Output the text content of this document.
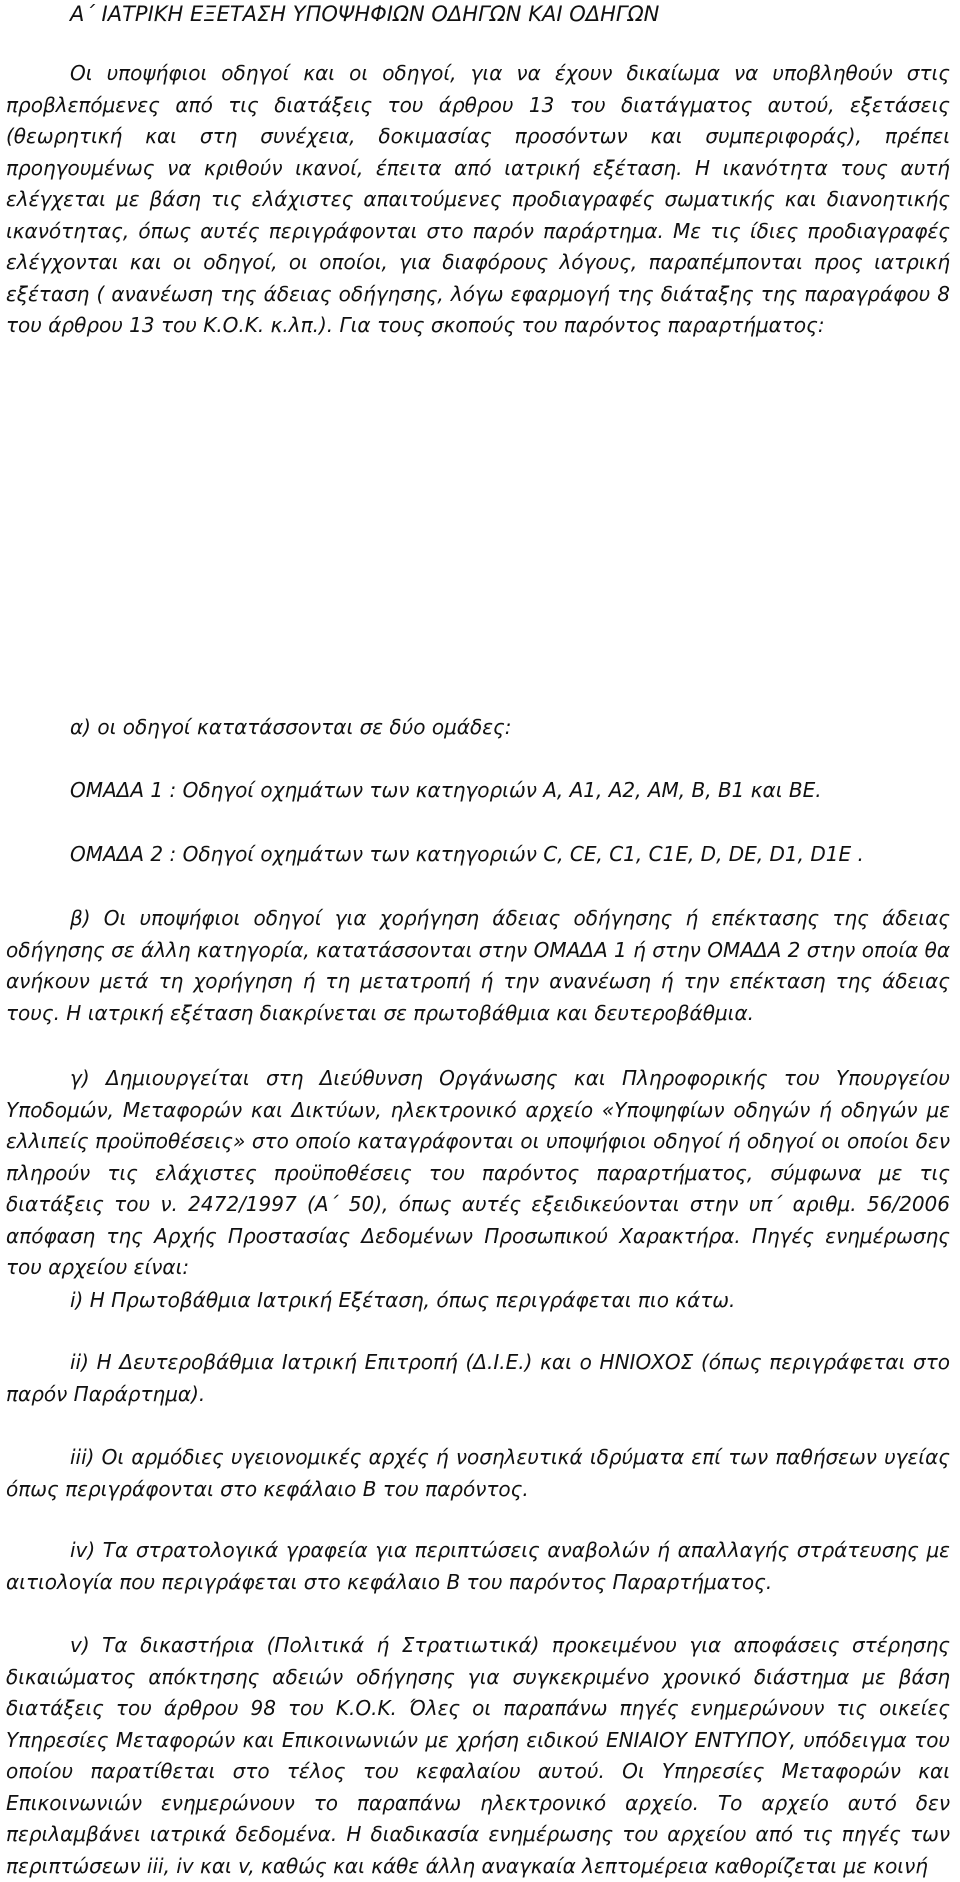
Α΄ ΙΑΤΡΙΚΗ ΕΞΕΤΑΣΗ ΥΠΟΨΗΦΙΩΝ ΟΔΗΓΩΝ ΚΑΙ ΟΔΗΓΩΝ
Οι υποψήφιοι οδηγοί και οι οδηγοί, για να έχουν δικαίωμα να υποβληθούν στις προβλεπόμενες από τις διατάξεις του άρθρου 13 του διατάγματος αυτού, εξετάσεις (θεωρητική και στη συνέχεια, δοκιμασίας προσόντων και συμπεριφοράς), πρέπει προηγουμένως να κριθούν ικανοί, έπειτα από ιατρική εξέταση. Η ικανότητα τους αυτή ελέγχεται με βάση τις ελάχιστες απαιτούμενες προδιαγραφές σωματικής και διανοητικής ικανότητας, όπως αυτές περιγράφονται στο παρόν παράρτημα. Με τις ίδιες προδιαγραφές ελέγχονται και οι οδηγοί, οι οποίοι, για διαφόρους λόγους, παραπέμπονται προς ιατρική εξέταση ( ανανέωση της άδειας οδήγησης, λόγω εφαρμογή της διάταξης της παραγράφου 8 του άρθρου 13 του Κ.Ο.Κ. κ.λπ.). Για τους σκοπούς του παρόντος παραρτήματος:
α) οι οδηγοί κατατάσσονται σε δύο ομάδες:
ΟΜΑΔΑ 1 : Οδηγοί οχημάτων των κατηγοριών Α, Α1, Α2, ΑΜ, Β, Β1 και ΒΕ.
ΟΜΑΔΑ 2 : Οδηγοί οχημάτων των κατηγοριών C, CE, C1, C1E, D, DE, D1, D1E .
β) Οι υποψήφιοι οδηγοί για χορήγηση άδειας οδήγησης ή επέκτασης της άδειας οδήγησης σε άλλη κατηγορία, κατατάσσονται στην ΟΜΑΔΑ 1 ή στην ΟΜΑΔΑ 2 στην οποία θα ανήκουν μετά τη χορήγηση ή τη μετατροπή ή την ανανέωση ή την επέκταση της άδειας τους. Η ιατρική εξέταση διακρίνεται σε πρωτοβάθμια και δευτεροβάθμια.
γ) Δημιουργείται στη Διεύθυνση Οργάνωσης και Πληροφορικής του Υπουργείου Υποδομών, Μεταφορών και Δικτύων, ηλεκτρονικό αρχείο «Υποψηφίων οδηγών ή οδηγών με ελλιπείς προϋποθέσεις» στο οποίο καταγράφονται οι υποψήφιοι οδηγοί ή οδηγοί οι οποίοι δεν πληρούν τις ελάχιστες προϋποθέσεις του παρόντος παραρτήματος, σύμφωνα με τις διατάξεις του ν. 2472/1997 (Α΄ 50), όπως αυτές εξειδικεύονται στην υπ΄ αριθμ. 56/2006 απόφαση της Αρχής Προστασίας Δεδομένων Προσωπικού Χαρακτήρα. Πηγές ενημέρωσης του αρχείου είναι:
i) Η Πρωτοβάθμια Ιατρική Εξέταση, όπως περιγράφεται πιο κάτω.
ii) Η Δευτεροβάθμια Ιατρική Επιτροπή (Δ.Ι.Ε.) και ο ΗΝΙΟΧΟΣ (όπως περιγράφεται στο παρόν Παράρτημα).
iii) Οι αρμόδιες υγειονομικές αρχές ή νοσηλευτικά ιδρύματα επί των παθήσεων υγείας όπως περιγράφονται στο κεφάλαιο Β του παρόντος.
iv) Τα στρατολογικά γραφεία για περιπτώσεις αναβολών ή απαλλαγής στράτευσης με αιτιολογία που περιγράφεται στο κεφάλαιο Β του παρόντος Παραρτήματος.
v) Τα δικαστήρια (Πολιτικά ή Στρατιωτικά) προκειμένου για αποφάσεις στέρησης δικαιώματος απόκτησης αδειών οδήγησης για συγκεκριμένο χρονικό διάστημα με βάση διατάξεις του άρθρου 98 του Κ.Ο.Κ. Όλες οι παραπάνω πηγές ενημερώνουν τις οικείες Υπηρεσίες Μεταφορών και Επικοινωνιών με χρήση ειδικού ΕΝΙΑΙΟΥ ΕΝΤΥΠΟΥ, υπόδειγμα του οποίου παρατίθεται στο τέλος του κεφαλαίου αυτού. Οι Υπηρεσίες Μεταφορών και Επικοινωνιών ενημερώνουν το παραπάνω ηλεκτρονικό αρχείο. Το αρχείο αυτό δεν περιλαμβάνει ιατρικά δεδομένα. Η διαδικασία ενημέρωσης του αρχείου από τις πηγές των περιπτώσεων iii, iv και v, καθώς και κάθε άλλη αναγκαία λεπτομέρεια καθορίζεται με κοινή
